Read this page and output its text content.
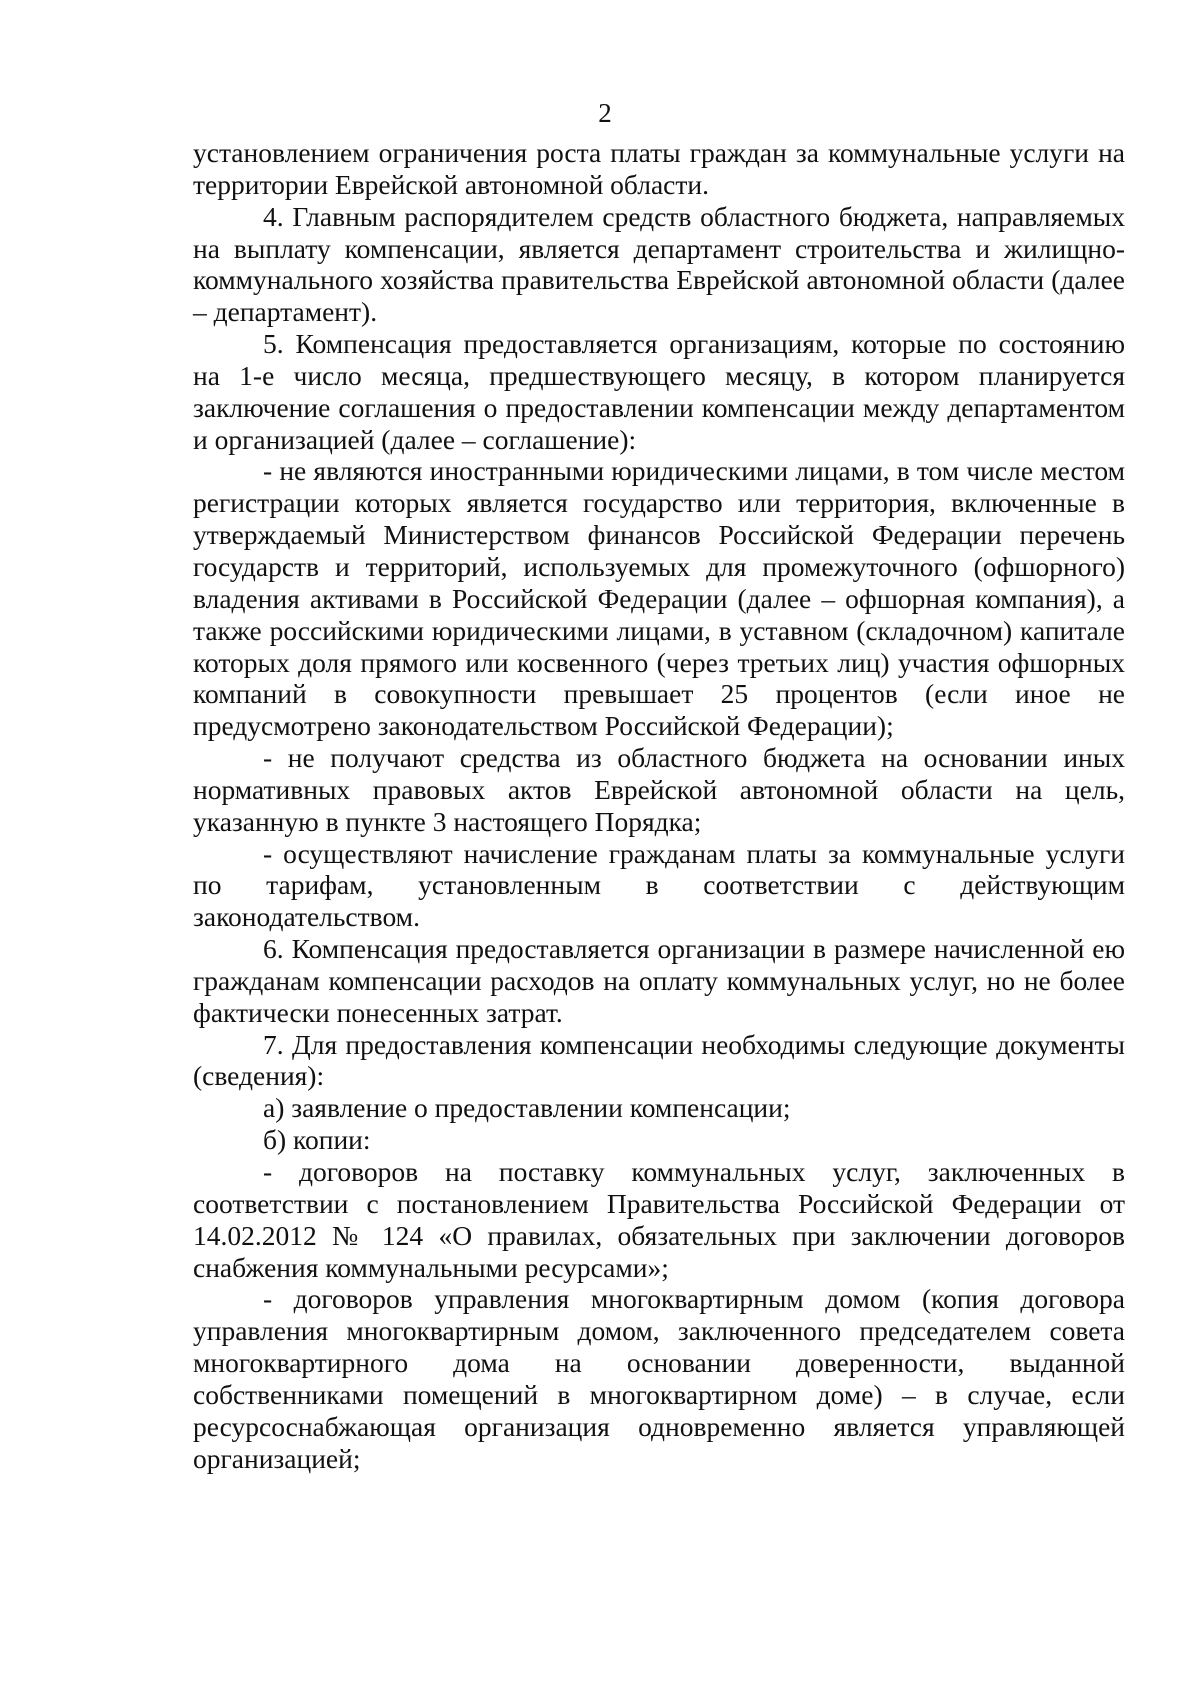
2

установлением ограничения роста платы граждан за коммунальные услуги на территории Еврейской автономной области.

4. Главным распорядителем средств областного бюджета, направляемых на выплату компенсации, является департамент строительства и жилищно-коммунального хозяйства правительства Еврейской автономной области (далее – департамент).

5. Компенсация предоставляется организациям, которые по состоянию на 1-е число месяца, предшествующего месяцу, в котором планируется заключение соглашения о предоставлении компенсации между департаментом и организацией (далее – соглашение):

- не являются иностранными юридическими лицами, в том числе местом регистрации которых является государство или территория, включенные в утверждаемый Министерством финансов Российской Федерации перечень государств и территорий, используемых для промежуточного (офшорного) владения активами в Российской Федерации (далее – офшорная компания), а также российскими юридическими лицами, в уставном (складочном) капитале которых доля прямого или косвенного (через третьих лиц) участия офшорных компаний в совокупности превышает 25 процентов (если иное не предусмотрено законодательством Российской Федерации);

- не получают средства из областного бюджета на основании иных нормативных правовых актов Еврейской автономной области на цель, указанную в пункте 3 настоящего Порядка;

- осуществляют начисление гражданам платы за коммунальные услуги по тарифам, установленным в соответствии с действующим законодательством.

6. Компенсация предоставляется организации в размере начисленной ею гражданам компенсации расходов на оплату коммунальных услуг, но не более фактически понесенных затрат.

7. Для предоставления компенсации необходимы следующие документы (сведения):

а) заявление о предоставлении компенсации;

б) копии:

- договоров на поставку коммунальных услуг, заключенных в соответствии с постановлением Правительства Российской Федерации от 14.02.2012 № 124 «О правилах, обязательных при заключении договоров снабжения коммунальными ресурсами»;

- договоров управления многоквартирным домом (копия договора управления многоквартирным домом, заключенного председателем совета многоквартирного дома на основании доверенности, выданной собственниками помещений в многоквартирном доме) – в случае, если ресурсоснабжающая организация одновременно является управляющей организацией;
